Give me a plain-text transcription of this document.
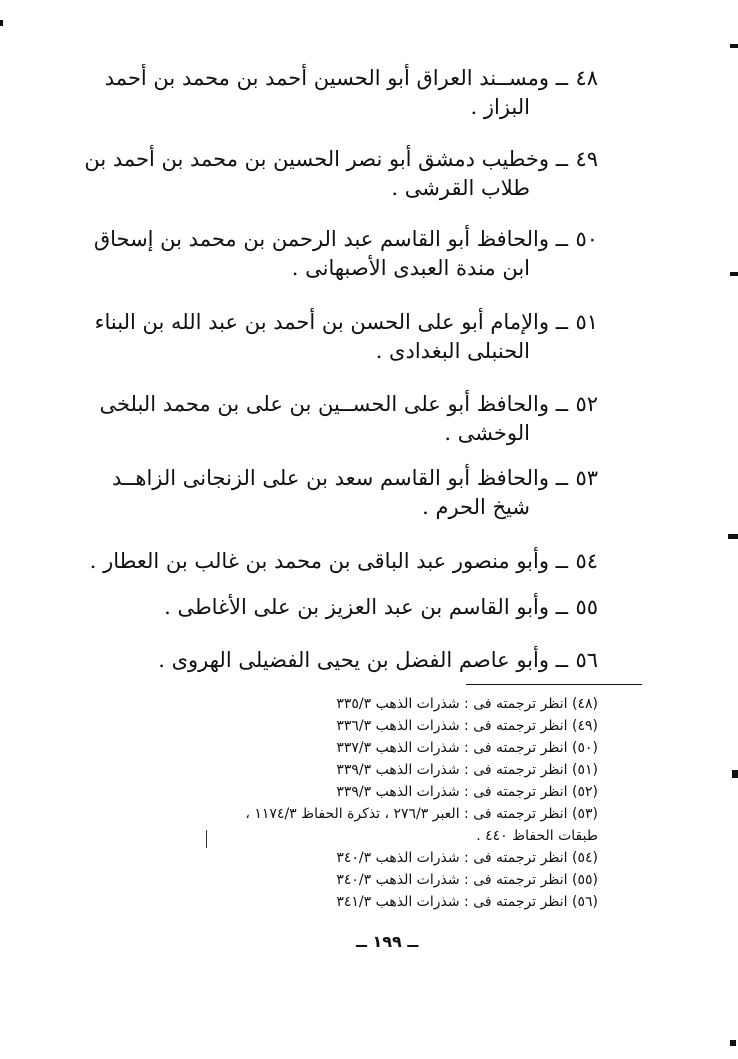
٤٨
ــ ومســند العراق أبو الحسين أحمد بن محمد بن أحمد
البزاز .
٤٩
ــ وخطيب دمشق أبو نصر الحسين بن محمد بن أحمد بن
طلاب القرشى .
٥٠
ــ والحافظ أبو القاسم عبد الرحمن بن محمد بن إسحاق
ابن مندة العبدى الأصبهانى .
٥١
ــ والإمام أبو على الحسن بن أحمد بن عبد الله بن البناء
الحنبلى البغدادى .
٥٢
ــ والحافظ أبو على الحســين بن على بن محمد البلخى
الوخشى .
٥٣
ــ والحافظ أبو القاسم سعد بن على الزنجانى الزاهــد
شيخ الحرم .
٥٤
ــ وأبو منصور عبد الباقى بن محمد بن غالب بن العطار .
٥٥
ــ وأبو القاسم بن عبد العزيز بن على الأغاطى .
٥٦
ــ وأبو عاصم الفضل بن يحيى الفضيلى الهروى .
(٤٨) انظر ترجمته فى : شذرات الذهب ٣٣٥/٣
(٤٩) انظر ترجمته فى : شذرات الذهب ٣٣٦/٣
(٥٠) انظر ترجمته فى : شذرات الذهب ٣٣٧/٣
(٥١) انظر ترجمته فى : شذرات الذهب ٣٣٩/٣
(٥٢) انظر ترجمته فى : شذرات الذهب ٣٣٩/٣
(٥٣) انظر ترجمته فى : العبر ٢٧٦/٣ ، تذكرة الحفاظ ١١٧٤/٣ ،
طبقات الحفاظ ٤٤٠ .
(٥٤) انظر ترجمته فى : شذرات الذهب ٣٤٠/٣
(٥٥) انظر ترجمته فى : شذرات الذهب ٣٤٠/٣
(٥٦) انظر ترجمته فى : شذرات الذهب ٣٤١/٣
ــ ١٩٩ ــ
